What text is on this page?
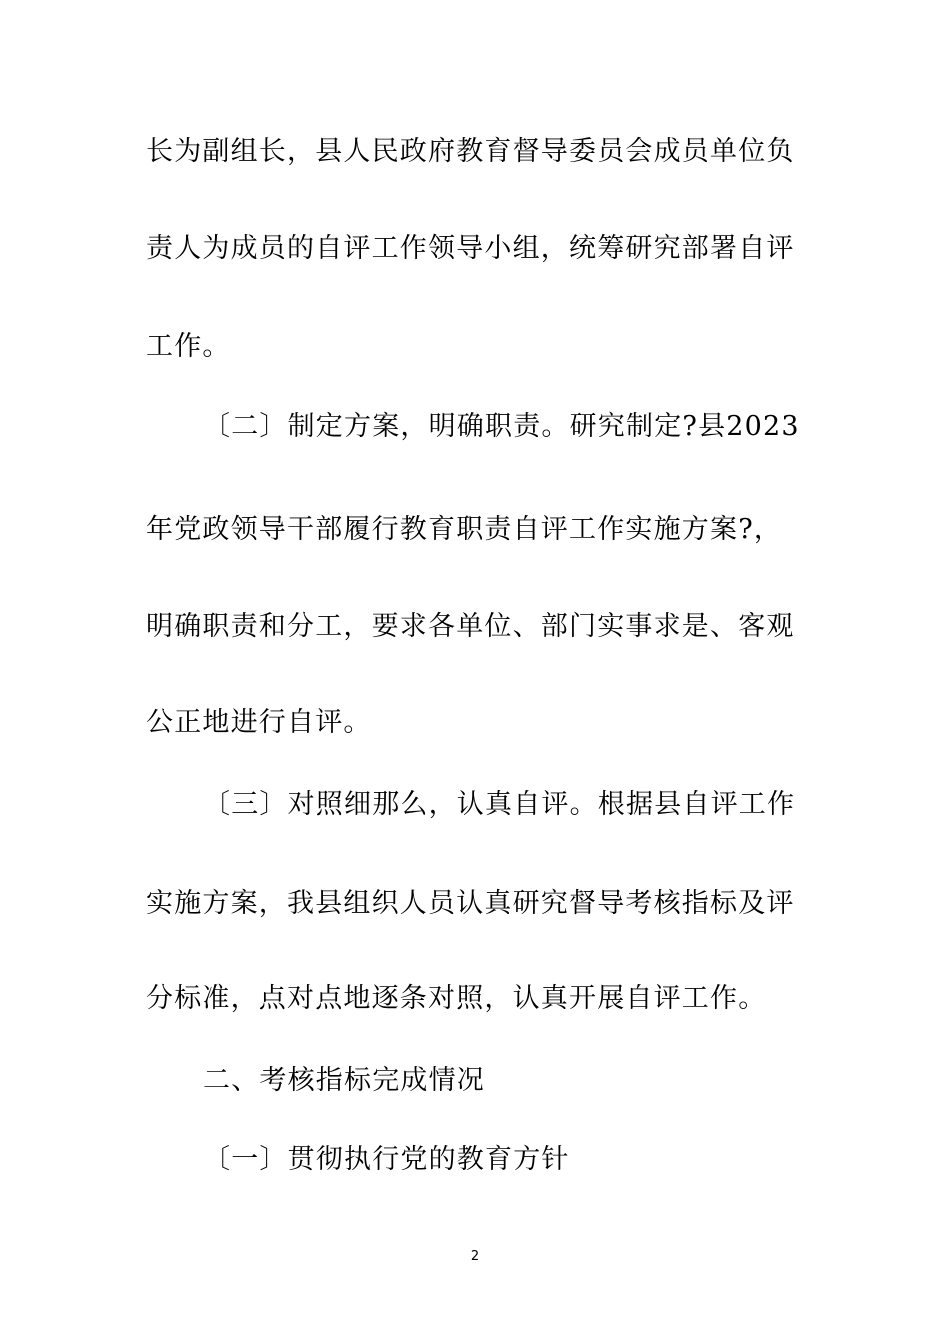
长为副组长，县人民政府教育督导委员会成员单位负
责人为成员的自评工作领导小组，统筹研究部署自评
工作。
〔二〕制定方案，明确职责。研究制定?县2023
年党政领导干部履行教育职责自评工作实施方案?，
明确职责和分工，要求各单位、部门实事求是、客观
公正地进行自评。
〔三〕对照细那么，认真自评。根据县自评工作
实施方案，我县组织人员认真研究督导考核指标及评
分标准，点对点地逐条对照，认真开展自评工作。
二、考核指标完成情况
〔一〕贯彻执行党的教育方针
2
